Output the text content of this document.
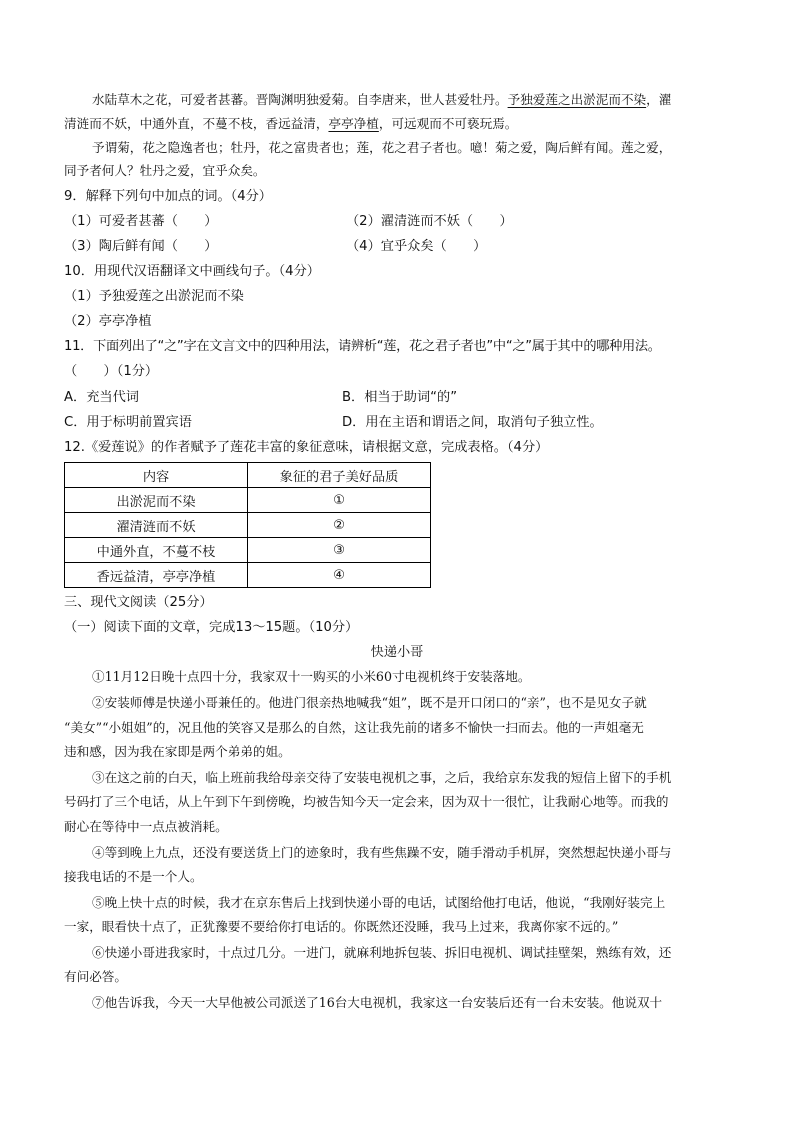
水陆草木之花，可爱者甚蕃。晋陶渊明独爱菊。自李唐来，世人甚爱牡丹。予独爱莲之出淤泥而不染，濯
清涟而不妖，中通外直，不蔓不枝，香远益清，亭亭净植，可远观而不可亵玩焉。
予谓菊，花之隐逸者也；牡丹，花之富贵者也；莲，花之君子者也。噫！菊之爱，陶后鲜有闻。莲之爱，
同予者何人？牡丹之爱，宜乎众矣。
9．解释下列句中加点的词。（4分）
（1）可爱者甚蕃（　　）	（2）濯清涟而不妖（　　）
（3）陶后鲜有闻（　　）	（4）宜乎众矣（　　）
10．用现代汉语翻译文中画线句子。（4分）
（1）予独爱莲之出淤泥而不染
（2）亭亭净植
11．下面列出了“之”字在文言文中的四种用法，请辨析“莲，花之君子者也”中“之”属于其中的哪种用法。
（　　）（1分）
A．充当代词	B．相当于助词“的”
C．用于标明前置宾语	D．用在主语和谓语之间，取消句子独立性。
12.《爱莲说》的作者赋予了莲花丰富的象征意味，请根据文意，完成表格。（4分）
内容	象征的君子美好品质
出淤泥而不染	①
濯清涟而不妖	②
中通外直，不蔓不枝	③
香远益清，亭亭净植	④
三、现代文阅读（25分）
（一）阅读下面的文章，完成13～15题。（10分）
快递小哥
①11月12日晚十点四十分，我家双十一购买的小米60寸电视机终于安装落地。
②安装师傅是快递小哥兼任的。他进门很亲热地喊我“姐”，既不是开口闭口的“亲”，也不是见女子就
“美女”“小姐姐”的，况且他的笑容又是那么的自然，这让我先前的诸多不愉快一扫而去。他的一声姐毫无
违和感，因为我在家即是两个弟弟的姐。
③在这之前的白天，临上班前我给母亲交待了安装电视机之事，之后，我给京东发我的短信上留下的手机
号码打了三个电话，从上午到下午到傍晚，均被告知今天一定会来，因为双十一很忙，让我耐心地等。而我的
耐心在等待中一点点被消耗。
④等到晚上九点，还没有要送货上门的迹象时，我有些焦躁不安，随手滑动手机屏，突然想起快递小哥与
接我电话的不是一个人。
⑤晚上快十点的时候，我才在京东售后上找到快递小哥的电话，试图给他打电话，他说，“我刚好装完上
一家，眼看快十点了，正犹豫要不要给你打电话的。你既然还没睡，我马上过来，我离你家不远的。”
⑥快递小哥进我家时，十点过几分。一进门，就麻利地拆包装、拆旧电视机、调试挂壁架，熟练有效，还
有问必答。
⑦他告诉我，今天一大早他被公司派送了16台大电视机，我家这一台安装后还有一台未安装。他说双十
